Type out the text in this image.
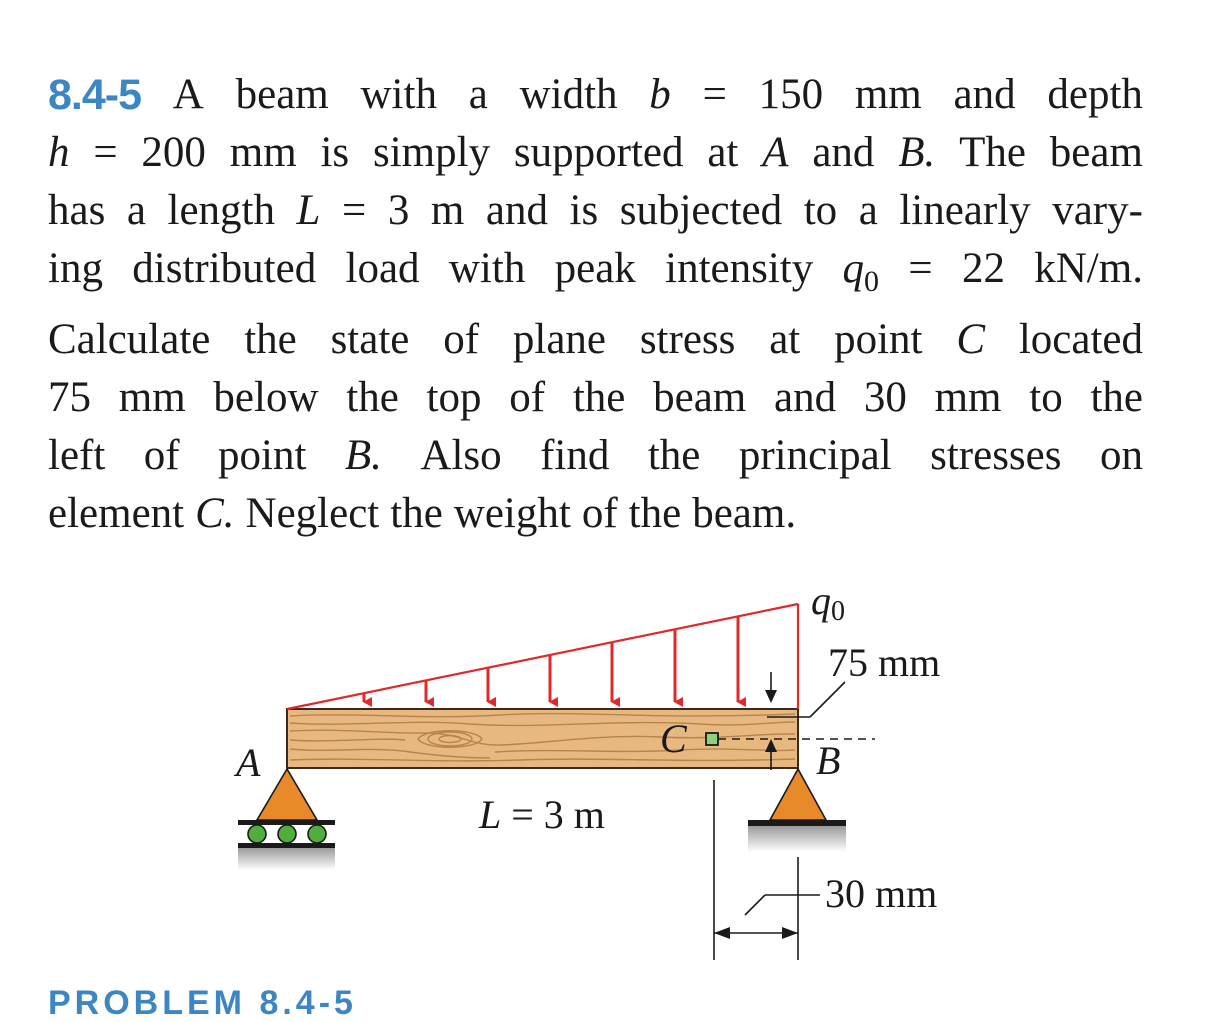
8.4-5 A beam with a width b = 150 mm and depth
h = 200 mm is simply supported at A and B. The beam
has a length L = 3 m and is subjected to a linearly vary-
ing distributed load with peak intensity $q_0 = 22$ kN/m.
Calculate the state of plane stress at point C located
75 mm below the top of the beam and 30 mm to the
left of point B. Also find the principal stresses on
element C. Neglect the weight of the beam.
q0
75 mm
C
A	B
L = 3 m
30 mm
PROBLEM 8.4-5
